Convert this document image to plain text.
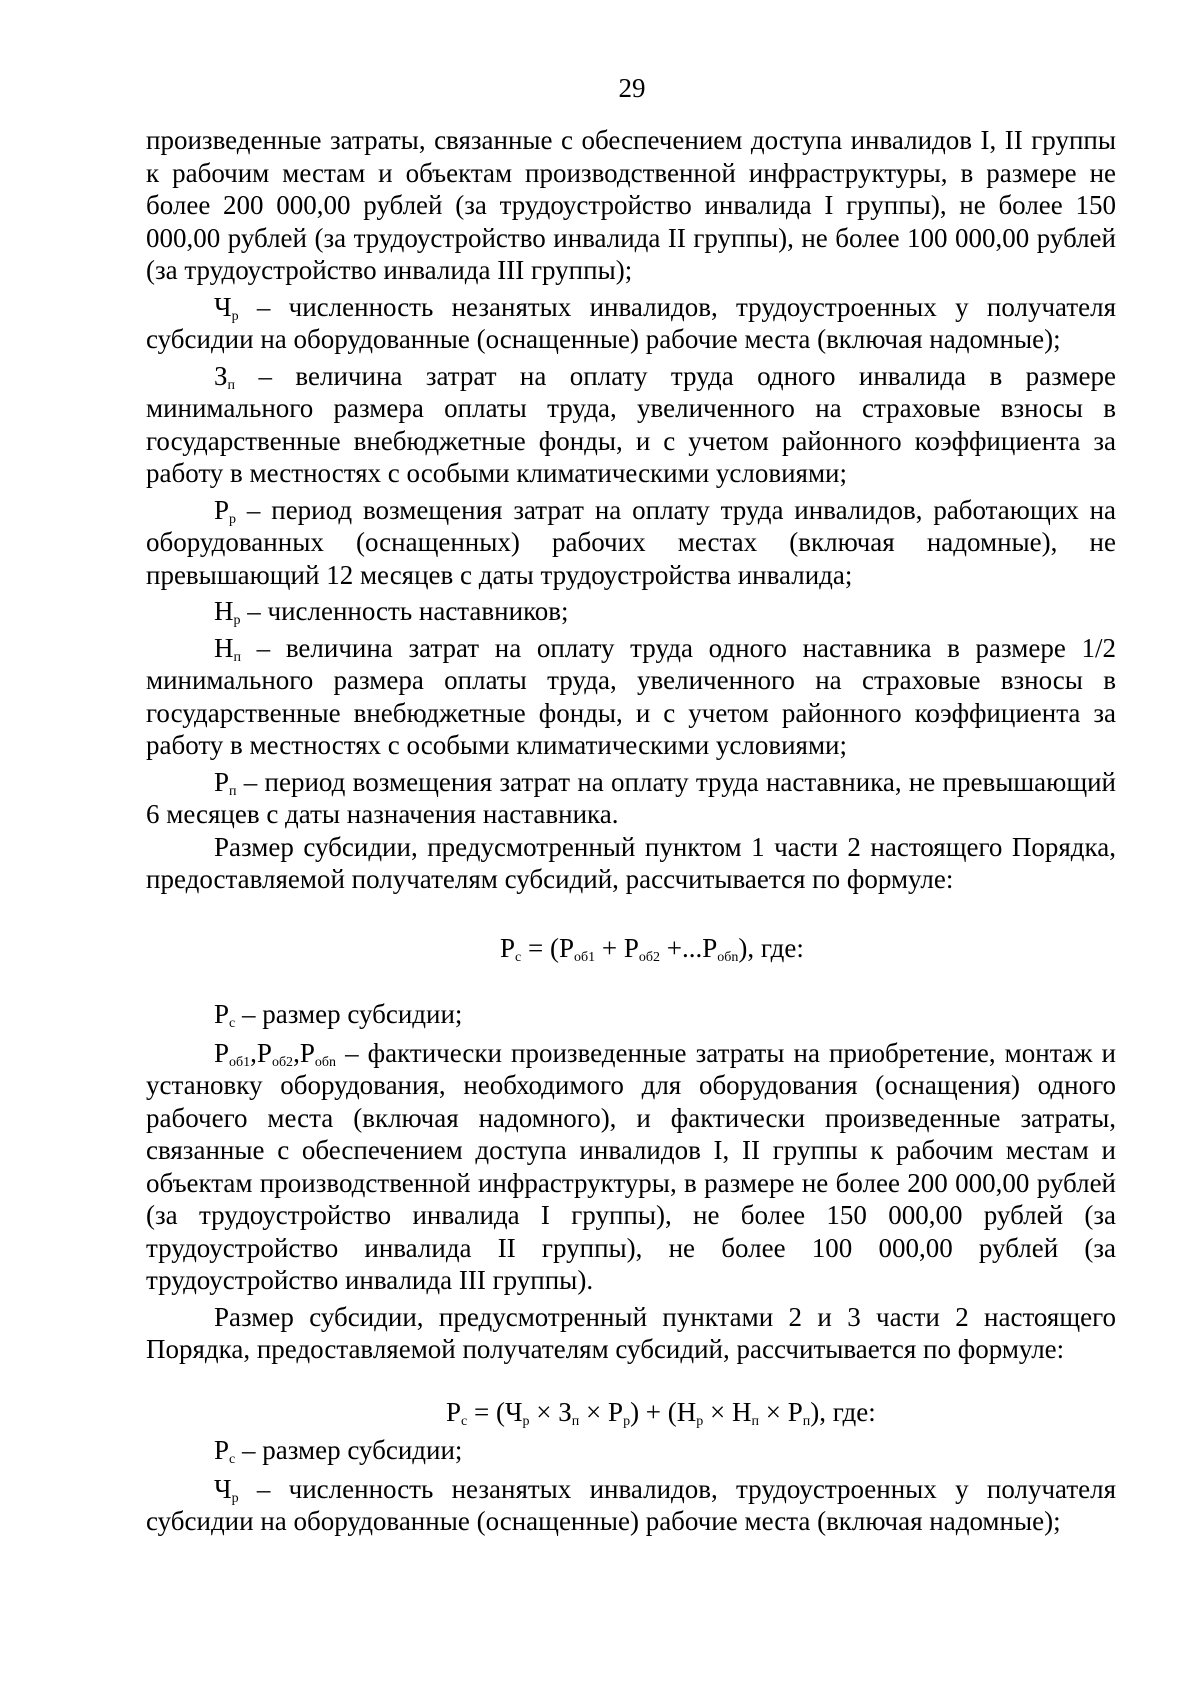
29

произведенные затраты, связанные с обеспечением доступа инвалидов I, II группы к рабочим местам и объектам производственной инфраструктуры, в размере не более 200 000,00 рублей (за трудоустройство инвалида I группы), не более 150 000,00 рублей (за трудоустройство инвалида II группы), не более 100 000,00 рублей (за трудоустройство инвалида III группы);

$Ч_р$ – численность незанятых инвалидов, трудоустроенных у получателя субсидии на оборудованные (оснащенные) рабочие места (включая надомные);

$З_п$ – величина затрат на оплату труда одного инвалида в размере минимального размера оплаты труда, увеличенного на страховые взносы в государственные внебюджетные фонды, и с учетом районного коэффициента за работу в местностях с особыми климатическими условиями;

$Р_р$ – период возмещения затрат на оплату труда инвалидов, работающих на оборудованных (оснащенных) рабочих местах (включая надомные), не превышающий 12 месяцев с даты трудоустройства инвалида;

$Н_р$ – численность наставников;

$Н_п$ – величина затрат на оплату труда одного наставника в размере 1/2 минимального размера оплаты труда, увеличенного на страховые взносы в государственные внебюджетные фонды, и с учетом районного коэффициента за работу в местностях с особыми климатическими условиями;

$Р_п$ – период возмещения затрат на оплату труда наставника, не превышающий 6 месяцев с даты назначения наставника.

Размер субсидии, предусмотренный пунктом 1 части 2 настоящего Порядка, предоставляемой получателям субсидий, рассчитывается по формуле:

$Р_с = (Р_{об1} + Р_{об2} +...Р_{обn})$, где:

$Р_с$ – размер субсидии;

$Р_{об1},Р_{об2},Р_{обn}$ – фактически произведенные затраты на приобретение, монтаж и установку оборудования, необходимого для оборудования (оснащения) одного рабочего места (включая надомного), и фактически произведенные затраты, связанные с обеспечением доступа инвалидов I, II группы к рабочим местам и объектам производственной инфраструктуры, в размере не более 200 000,00 рублей (за трудоустройство инвалида I группы), не более 150 000,00 рублей (за трудоустройство инвалида II группы), не более 100 000,00 рублей (за трудоустройство инвалида III группы).

Размер субсидии, предусмотренный пунктами 2 и 3 части 2 настоящего Порядка, предоставляемой получателям субсидий, рассчитывается по формуле:

$Р_с = (Ч_р \times З_п \times Р_р) + (Н_р \times Н_п \times Р_п)$, где:

$Р_с$ – размер субсидии;

$Ч_р$ – численность незанятых инвалидов, трудоустроенных у получателя субсидии на оборудованные (оснащенные) рабочие места (включая надомные);
